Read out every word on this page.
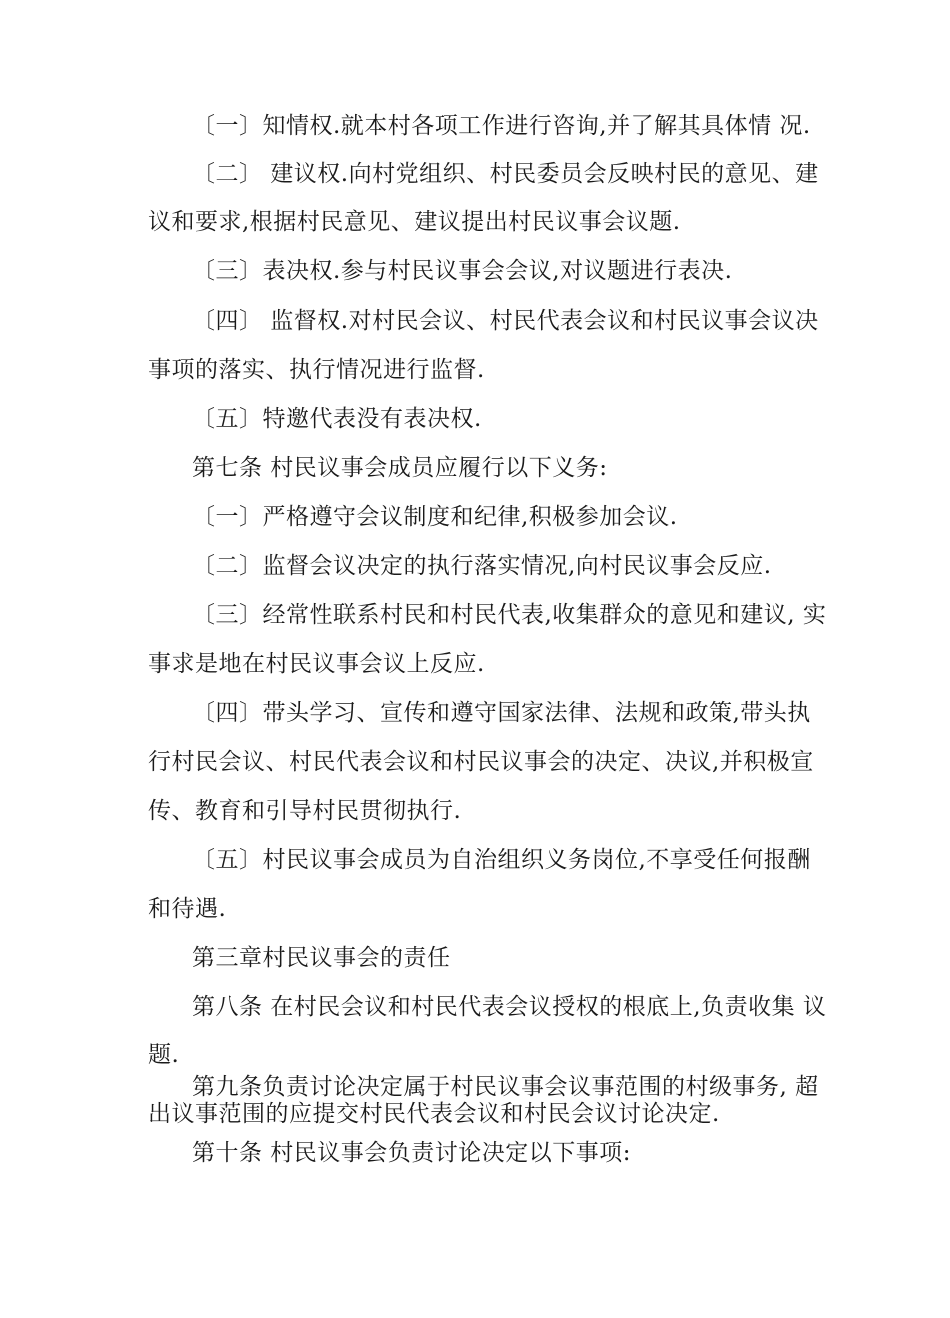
〔一〕知情权.就本村各项工作进行咨询,并了解其具体情 况.
〔二〕 建议权.向村党组织、村民委员会反映村民的意见、建
议和要求,根据村民意见、建议提出村民议事会议题.
〔三〕表决权.参与村民议事会会议,对议题进行表决.
〔四〕 监督权.对村民会议、村民代表会议和村民议事会议决
事项的落实、执行情况进行监督.
〔五〕特邀代表没有表决权.
第七条 村民议事会成员应履行以下义务:
〔一〕严格遵守会议制度和纪律,积极参加会议.
〔二〕监督会议决定的执行落实情况,向村民议事会反应.
〔三〕经常性联系村民和村民代表,收集群众的意见和建议, 实
事求是地在村民议事会议上反应.
〔四〕带头学习、宣传和遵守国家法律、法规和政策,带头执
行村民会议、村民代表会议和村民议事会的决定、决议,并积极宣
传、教育和引导村民贯彻执行.
〔五〕村民议事会成员为自治组织义务岗位,不享受任何报酬
和待遇.
第三章村民议事会的责任
第八条 在村民会议和村民代表会议授权的根底上,负责收集 议
题.
第九条负责讨论决定属于村民议事会议事范围的村级事务, 超
出议事范围的应提交村民代表会议和村民会议讨论决定.
第十条 村民议事会负责讨论决定以下事项:
